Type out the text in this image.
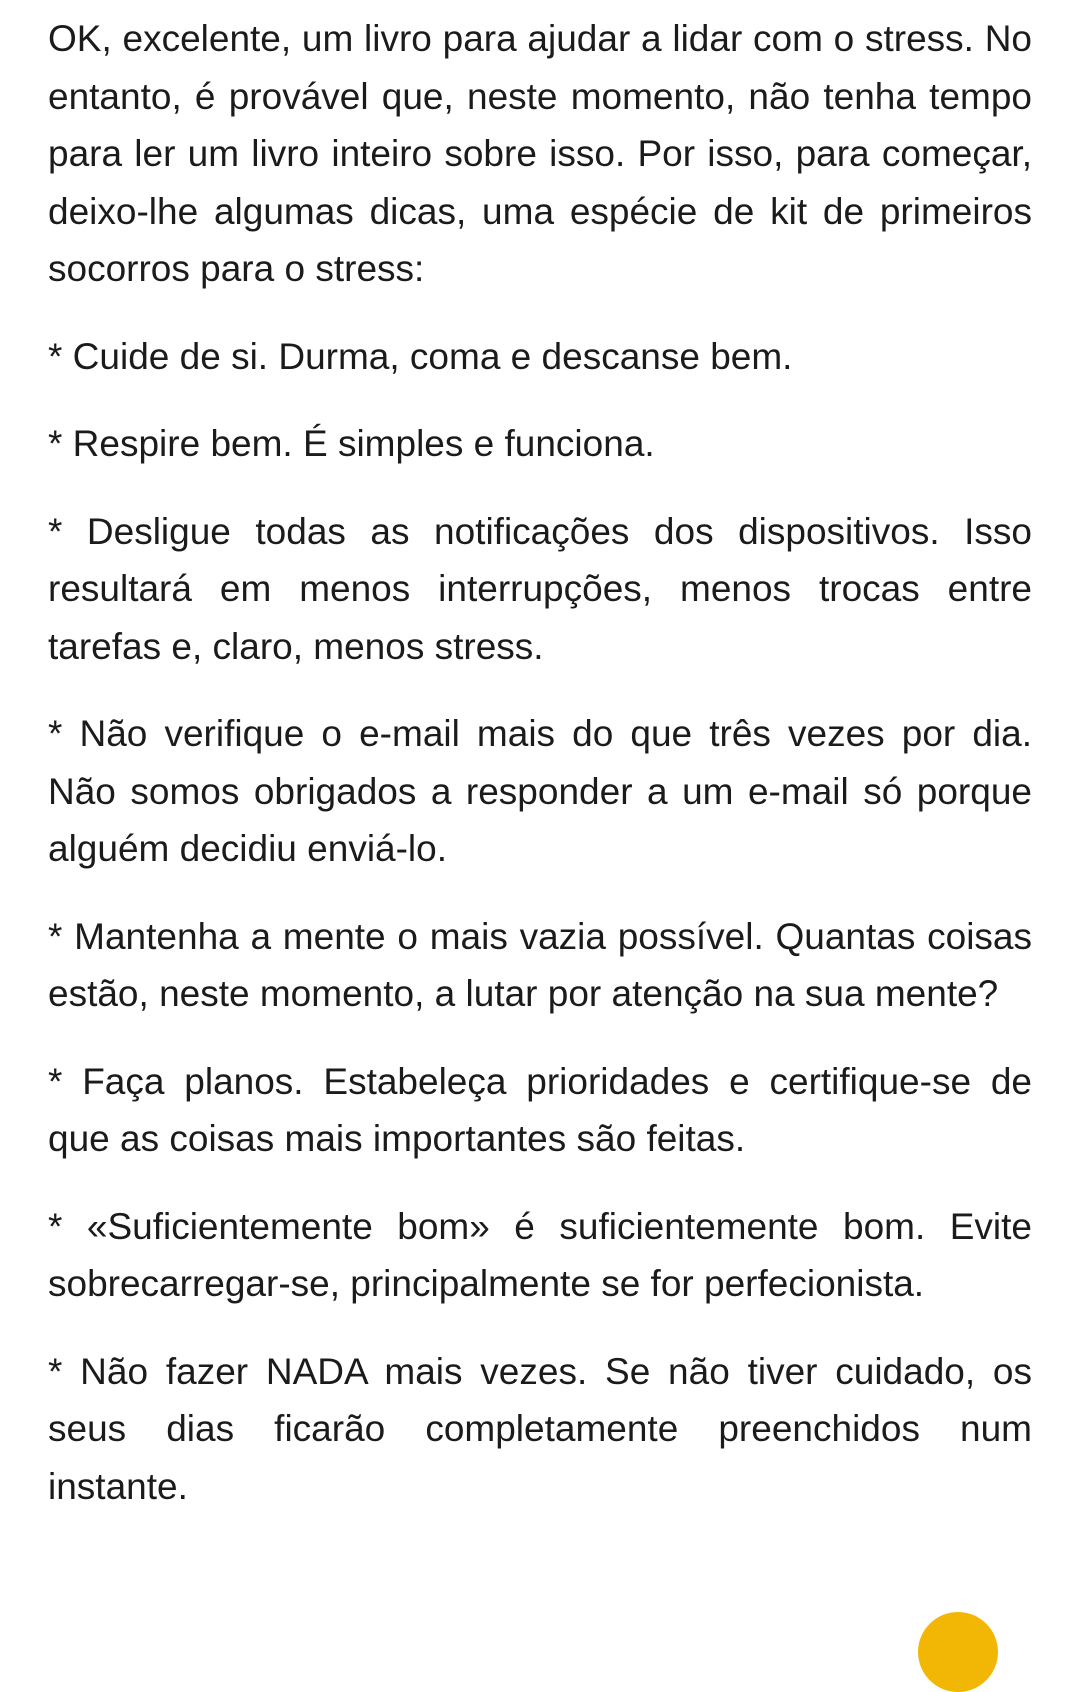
OK, excelente, um livro para ajudar a lidar com o stress. No entanto, é provável que, neste momento, não tenha tempo para ler um livro inteiro sobre isso. Por isso, para começar, deixo-lhe algumas dicas, uma espécie de kit de primeiros socorros para o stress:

* Cuide de si. Durma, coma e descanse bem.

* Respire bem. É simples e funciona.

* Desligue todas as notificações dos dispositivos. Isso resultará em menos interrupções, menos trocas entre tarefas e, claro, menos stress.

* Não verifique o e-mail mais do que três vezes por dia. Não somos obrigados a responder a um e-mail só porque alguém decidiu enviá-lo.

* Mantenha a mente o mais vazia possível. Quantas coisas estão, neste momento, a lutar por atenção na sua mente?

* Faça planos. Estabeleça prioridades e certifique-se de que as coisas mais importantes são feitas.

* «Suficientemente bom» é suficientemente bom. Evite sobrecarregar-se, principalmente se for perfecionista.

* Não fazer NADA mais vezes. Se não tiver cuidado, os seus dias ficarão completamente preenchidos num instante.
